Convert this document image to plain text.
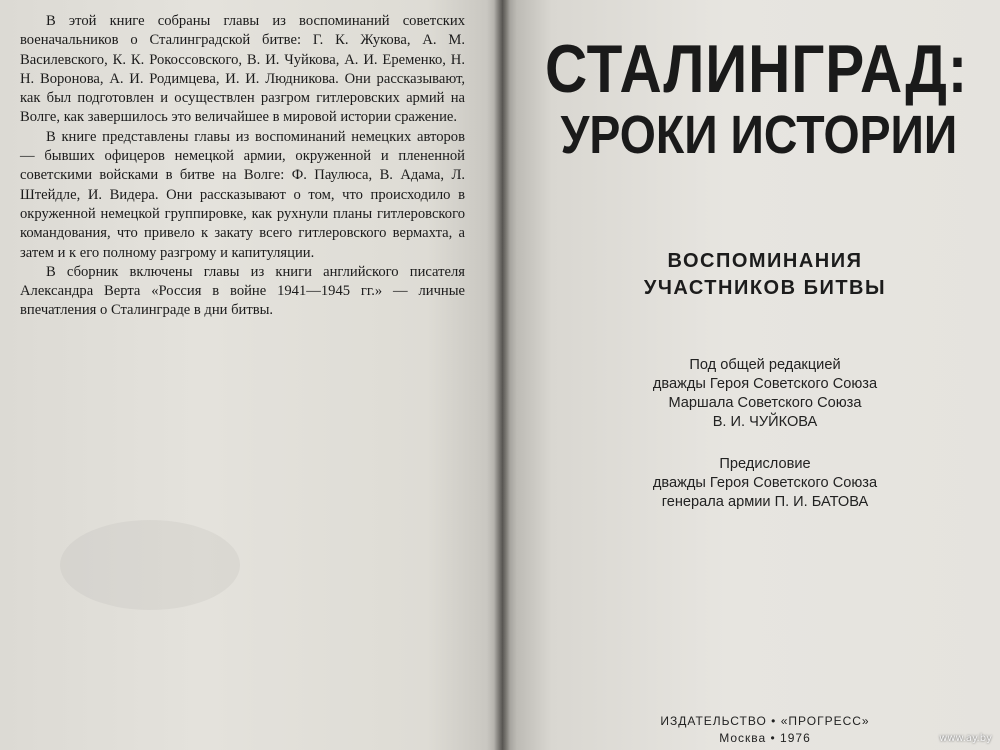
В этой книге собраны главы из воспоминаний советских военачальников о Сталинградской битве: Г. К. Жукова, А. М. Василевского, К. К. Рокоссовского, В. И. Чуйкова, А. И. Еременко, Н. Н. Воронова, А. И. Родимцева, И. И. Людникова. Они рассказывают, как был подготовлен и осуществлен разгром гитлеровских армий на Волге, как завершилось это величайшее в мировой истории сражение.

В книге представлены главы из воспоминаний немецких авторов — бывших офицеров немецкой армии, окруженной и плененной советскими войсками в битве на Волге: Ф. Паулюса, В. Адама, Л. Штейдле, И. Видера. Они рассказывают о том, что происходило в окруженной немецкой группировке, как рухнули планы гитлеровского командования, что привело к закату всего гитлеровского вермахта, а затем и к его полному разгрому и капитуляции.

В сборник включены главы из книги английского писателя Александра Верта «Россия в войне 1941—1945 гг.» — личные впечатления о Сталинграде в дни битвы.

СТАЛИНГРАД:
УРОКИ ИСТОРИИ
ВОСПОМИНАНИЯ
УЧАСТНИКОВ БИТВЫ
Под общей редакцией
дважды Героя Советского Союза
Маршала Советского Союза
В. И. ЧУЙКОВА
Предисловие
дважды Героя Советского Союза
генерала армии П. И. БАТОВА
ИЗДАТЕЛЬСТВО • «ПРОГРЕСС»
Москва • 1976	www.ay.by
